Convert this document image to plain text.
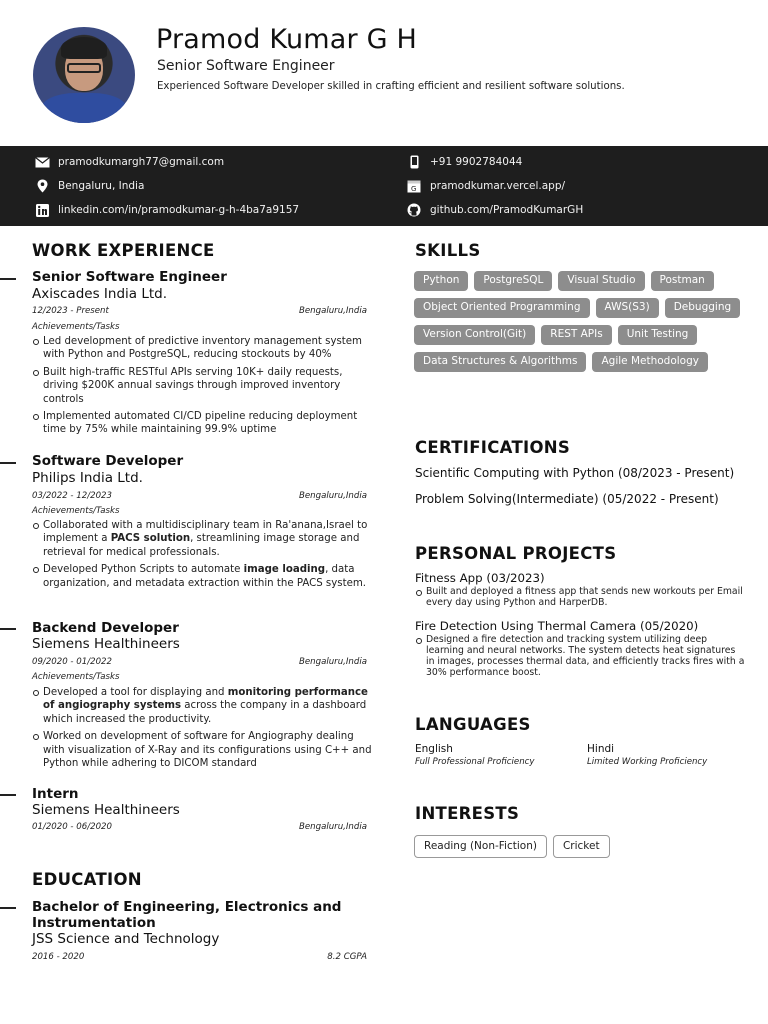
Pramod Kumar G H
Senior Software Engineer
Experienced Software Developer skilled in crafting efficient and resilient software solutions.
pramodkumargh77@gmail.com	+91 9902784044
Bengaluru, India	G pramodkumar.vercel.app/
linkedin.com/in/pramodkumar-g-h-4ba7a9157	github.com/PramodKumarGH
WORK EXPERIENCE
Senior Software Engineer
Axiscades India Ltd.
12/2023 - Present	Bengaluru,India
Achievements/Tasks
Led development of predictive inventory management system with Python and PostgreSQL, reducing stockouts by 40%
Built high-traffic RESTful APIs serving 10K+ daily requests, driving $200K annual savings through improved inventory controls
Implemented automated CI/CD pipeline reducing deployment time by 75% while maintaining 99.9% uptime
Software Developer
Philips India Ltd.
03/2022 - 12/2023	Bengaluru,India
Achievements/Tasks
Collaborated with a multidisciplinary team in Ra'anana,Israel to implement a PACS solution, streamlining image storage and retrieval for medical professionals.
Developed Python Scripts to automate image loading, data organization, and metadata extraction within the PACS system.
Backend Developer
Siemens Healthineers
09/2020 - 01/2022	Bengaluru,India
Achievements/Tasks
Developed a tool for displaying and monitoring performance of angiography systems across the company in a dashboard which increased the productivity.
Worked on development of software for Angiography dealing with visualization of X-Ray and its configurations using C++ and Python while adhering to DICOM standard
Intern
Siemens Healthineers
01/2020 - 06/2020	Bengaluru,India
EDUCATION
Bachelor of Engineering, Electronics and
Instrumentation
JSS Science and Technology
2016 - 2020	8.2 CGPA
SKILLS
Python	PostgreSQL	Visual Studio	Postman
Object Oriented Programming	AWS(S3)	Debugging
Version Control(Git)	REST APIs	Unit Testing
Data Structures & Algorithms	Agile Methodology
CERTIFICATIONS
Scientific Computing with Python (08/2023 - Present)
Problem Solving(Intermediate) (05/2022 - Present)
PERSONAL PROJECTS
Fitness App (03/2023)
Built and deployed a fitness app that sends new workouts per Email every day using Python and HarperDB.
Fire Detection Using Thermal Camera (05/2020)
Designed a fire detection and tracking system utilizing deep learning and neural networks. The system detects heat signatures in images, processes thermal data, and efficiently tracks fires with a 30% performance boost.
LANGUAGES
English
Full Professional Proficiency
Hindi
Limited Working Proficiency
INTERESTS
Reading (Non-Fiction)	Cricket
